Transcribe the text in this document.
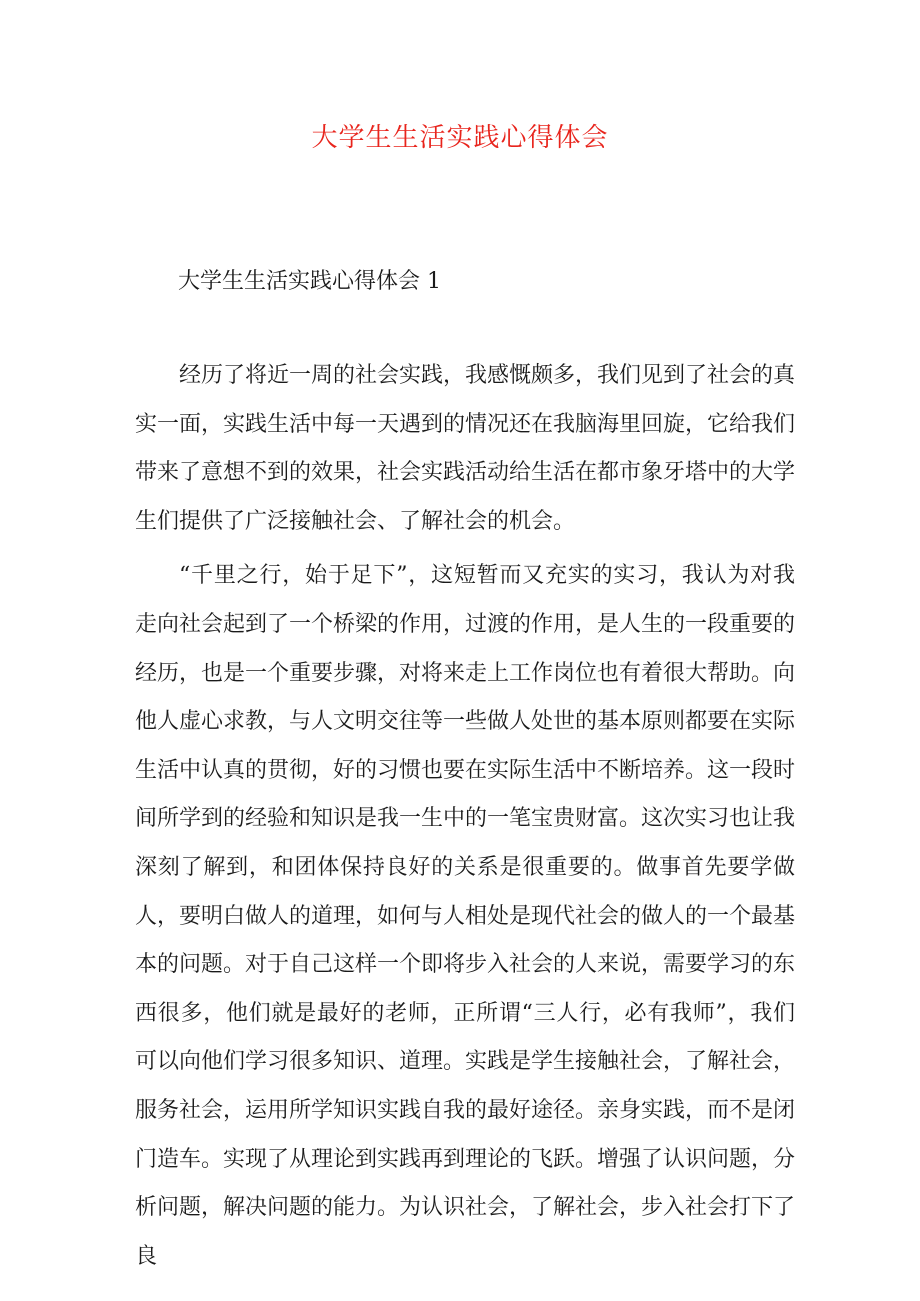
大学生生活实践心得体会
大学生生活实践心得体会 1

经历了将近一周的社会实践，我感慨颇多，我们见到了社会的真实一面，实践生活中每一天遇到的情况还在我脑海里回旋，它给我们带来了意想不到的效果，社会实践活动给生活在都市象牙塔中的大学生们提供了广泛接触社会、了解社会的机会。

“千里之行，始于足下”，这短暂而又充实的实习，我认为对我走向社会起到了一个桥梁的作用，过渡的作用，是人生的一段重要的经历，也是一个重要步骤，对将来走上工作岗位也有着很大帮助。向他人虚心求教，与人文明交往等一些做人处世的基本原则都要在实际生活中认真的贯彻，好的习惯也要在实际生活中不断培养。这一段时间所学到的经验和知识是我一生中的一笔宝贵财富。这次实习也让我深刻了解到，和团体保持良好的关系是很重要的。做事首先要学做人，要明白做人的道理，如何与人相处是现代社会的做人的一个最基本的问题。对于自己这样一个即将步入社会的人来说，需要学习的东西很多，他们就是最好的老师，正所谓“三人行，必有我师”，我们可以向他们学习很多知识、道理。实践是学生接触社会，了解社会，服务社会，运用所学知识实践自我的最好途径。亲身实践，而不是闭门造车。实现了从理论到实践再到理论的飞跃。增强了认识问题，分析问题，解决问题的能力。为认识社会，了解社会，步入社会打下了良
